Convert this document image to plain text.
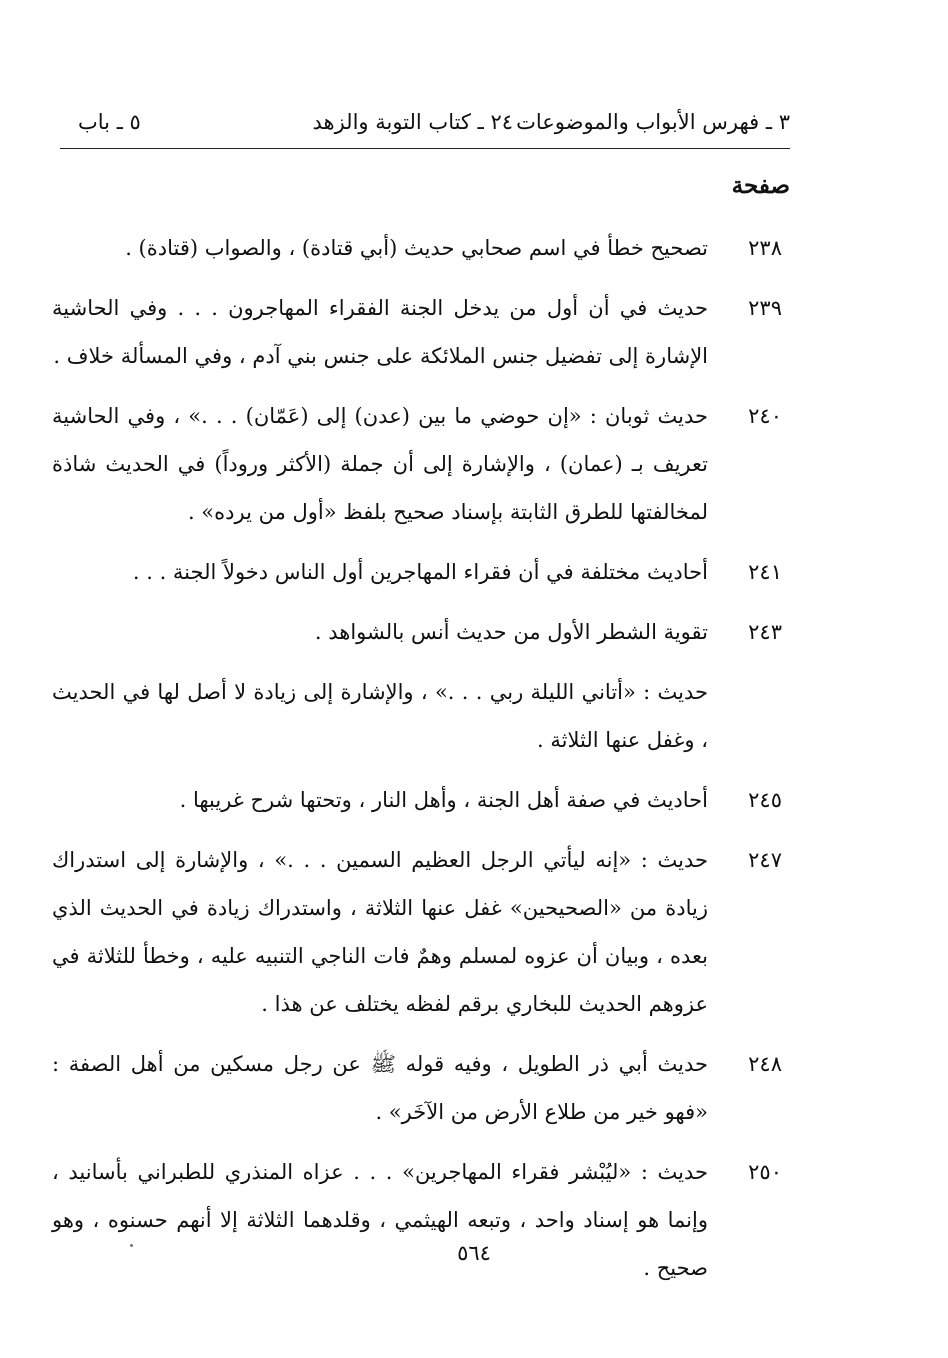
٣ ـ فهرس الأبواب والموضوعات
٢٤ ـ كتاب التوبة والزهد
٥ ـ باب
صفحة
٢٣٨
تصحيح خطأ في اسم صحابي حديث (أبي قتادة) ، والصواب (قتادة) .
٢٣٩
حديث في أن أول من يدخل الجنة الفقراء المهاجرون . . . وفي الحاشية الإشارة إلى تفضيل جنس الملائكة على جنس بني آدم ، وفي المسألة خلاف .
٢٤٠
حديث ثوبان : «إن حوضي ما بين (عدن) إلى (عَمّان) . . .» ، وفي الحاشية تعريف بـ (عمان) ، والإشارة إلى أن جملة (الأكثر وروداً) في الحديث شاذة لمخالفتها للطرق الثابتة بإسناد صحيح بلفظ «أول من يرده» .
٢٤١
أحاديث مختلفة في أن فقراء المهاجرين أول الناس دخولاً الجنة . . .
٢٤٣
تقوية الشطر الأول من حديث أنس بالشواهد .
حديث : «أتاني الليلة ربي . . .» ، والإشارة إلى زيادة لا أصل لها في الحديث ، وغفل عنها الثلاثة .
٢٤٥
أحاديث في صفة أهل الجنة ، وأهل النار ، وتحتها شرح غريبها .
٢٤٧
حديث : «إنه ليأتي الرجل العظيم السمين . . .» ، والإشارة إلى استدراك زيادة من «الصحيحين» غفل عنها الثلاثة ، واستدراك زيادة في الحديث الذي بعده ، وبيان أن عزوه لمسلم وهمٌ فات الناجي التنبيه عليه ، وخطأ للثلاثة في عزوهم الحديث للبخاري برقم لفظه يختلف عن هذا .
٢٤٨
حديث أبي ذر الطويل ، وفيه قوله ﷺ عن رجل مسكين من أهل الصفة : «فهو خير من طلاع الأرض من الآخَر» .
٢٥٠
حديث : «ليُبْشر فقراء المهاجرين» . . . عزاه المنذري للطبراني بأسانيد ، وإنما هو إسناد واحد ، وتبعه الهيثمي ، وقلدهما الثلاثة إلا أنهم حسنوه ، وهو صحيح .
٥٦٤
